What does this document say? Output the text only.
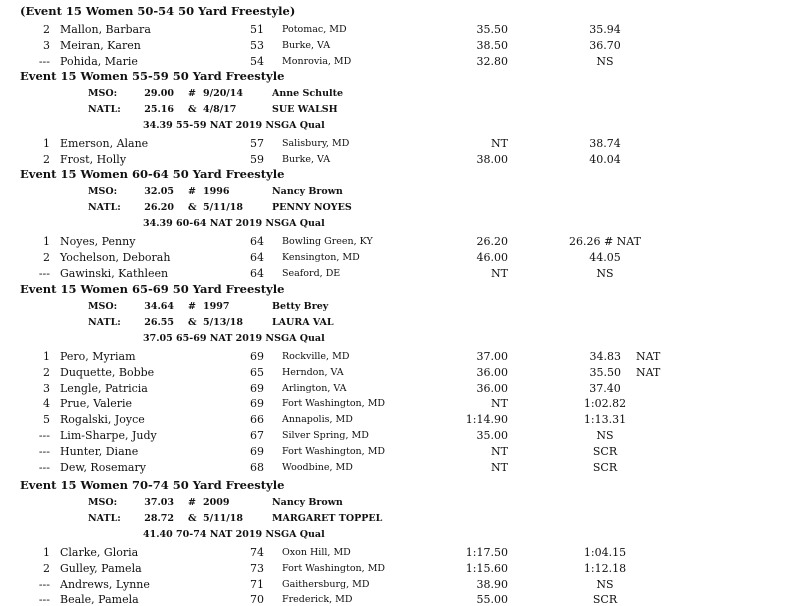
(Event 15 Women 50-54 50 Yard Freestyle)
2 Mallon, Barbara	51 Potomac, MD	35.50	35.94
3 Meiran, Karen	53 Burke, VA	38.50	36.70
--- Pohida, Marie	54 Monrovia, MD	32.80	NS
Event 15 Women 55-59 50 Yard Freestyle
MSO:	29.00 # 9/20/14	Anne Schulte
NATL: 25.16 & 4/8/17	SUE WALSH
34.39 55-59 NAT 2019 NSGA Qual
1 Emerson, Alane	57 Salisbury, MD	NT	38.74
2 Frost, Holly	59 Burke, VA	38.00	40.04
Event 15 Women 60-64 50 Yard Freestyle
MSO:	32.05 # 1996	Nancy Brown
NATL: 26.20 & 5/11/18	PENNY NOYES
34.39 60-64 NAT 2019 NSGA Qual
1 Noyes, Penny	64 Bowling Green, KY	26.20	26.26 # NAT
2 Yochelson, Deborah	64 Kensington, MD	46.00	44.05
--- Gawinski, Kathleen	64 Seaford, DE	NT	NS
Event 15 Women 65-69 50 Yard Freestyle
MSO:	34.64 # 1997	Betty Brey
NATL: 26.55 & 5/13/18	LAURA VAL
37.05 65-69 NAT 2019 NSGA Qual
1 Pero, Myriam	69 Rockville, MD	37.00	34.83 NAT
2 Duquette, Bobbe	65 Herndon, VA	36.00	35.50 NAT
3 Lengle, Patricia	69 Arlington, VA	36.00	37.40
4 Prue, Valerie	69 Fort Washington, MD	NT	1:02.82
5 Rogalski, Joyce	66 Annapolis, MD	1:14.90	1:13.31
--- Lim-Sharpe, Judy	67 Silver Spring, MD	35.00	NS
--- Hunter, Diane	69 Fort Washington, MD	NT	SCR
--- Dew, Rosemary	68 Woodbine, MD	NT	SCR
Event 15 Women 70-74 50 Yard Freestyle
MSO:	37.03 # 2009	Nancy Brown
NATL: 28.72 & 5/11/18	MARGARET TOPPEL
41.40 70-74 NAT 2019 NSGA Qual
1 Clarke, Gloria	74 Oxon Hill, MD	1:17.50	1:04.15
2 Gulley, Pamela	73 Fort Washington, MD	1:15.60	1:12.18
--- Andrews, Lynne	71 Gaithersburg, MD	38.90	NS
--- Beale, Pamela	70 Frederick, MD	55.00	SCR
